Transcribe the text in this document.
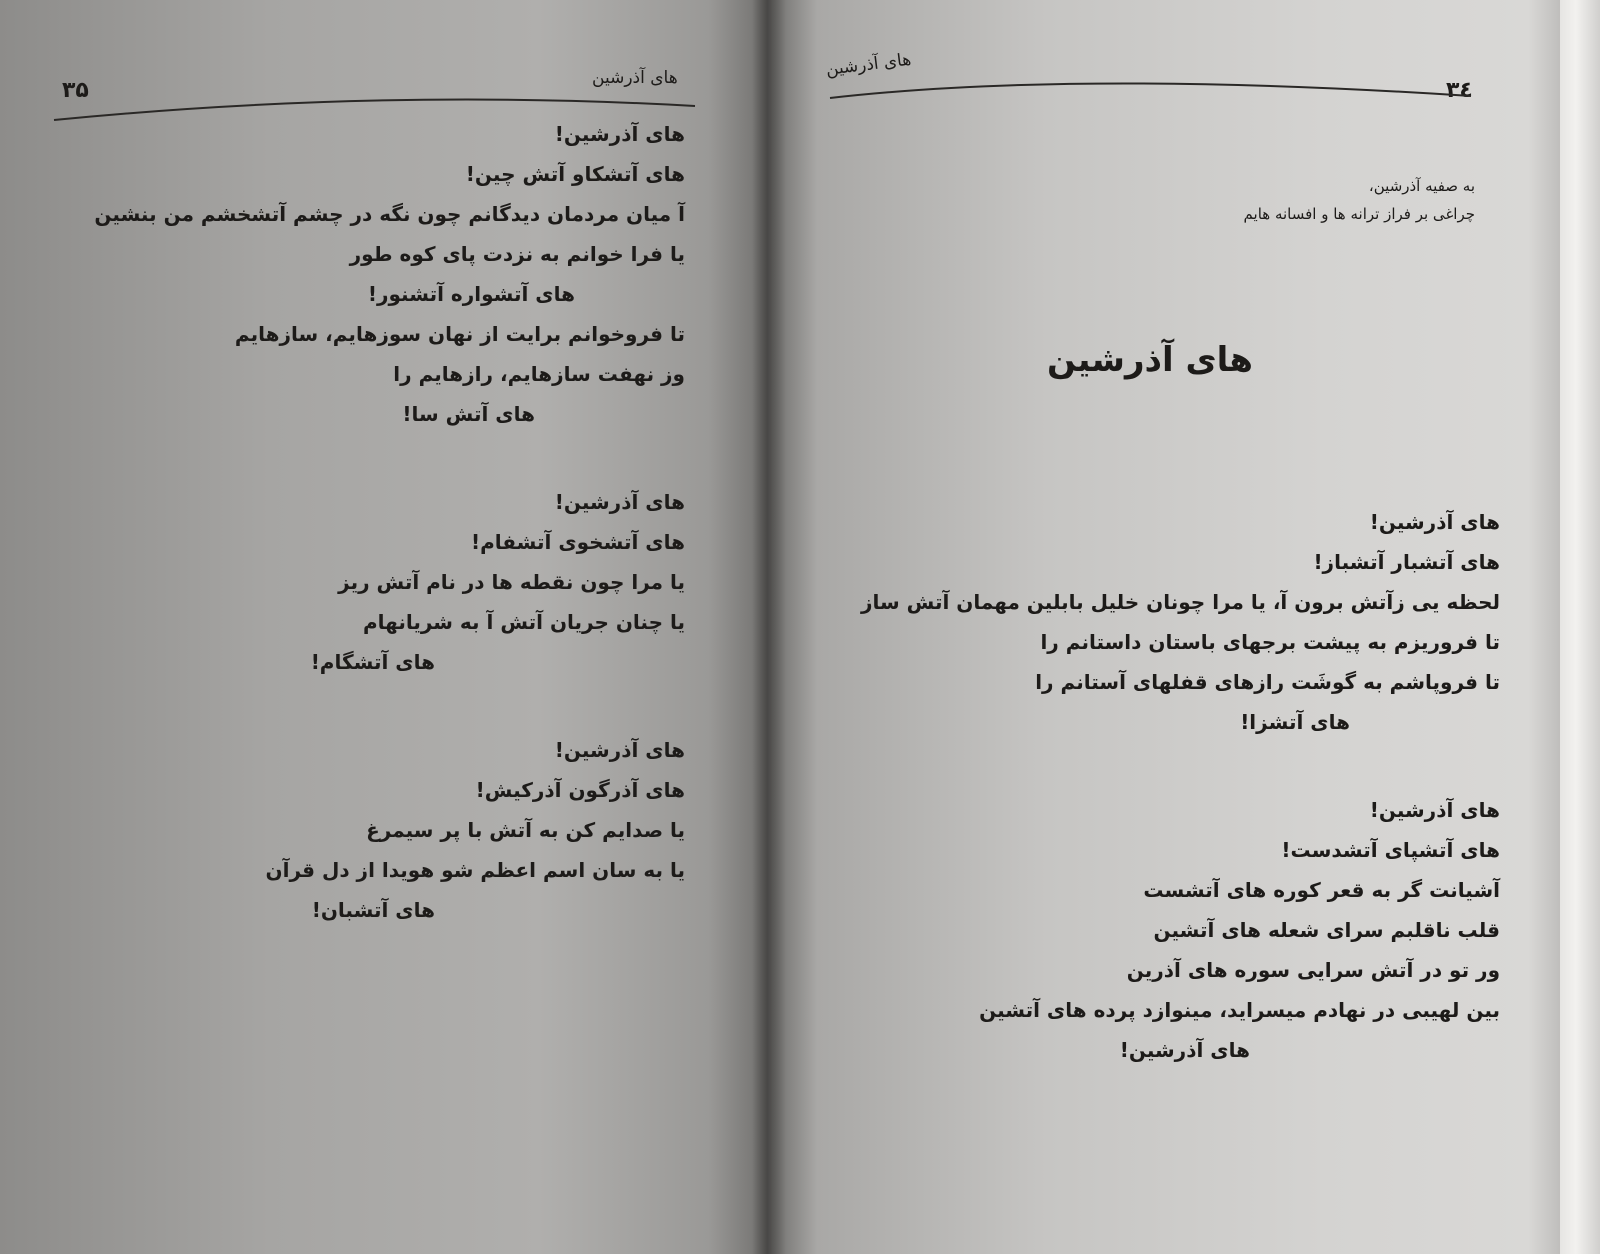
۳۵	های آذرشین
های آذرشین!
های آتشکاو آتش چین!
آ میان مردمان دیدگانم چون نگه در چشم آتشخشم من بنشین
یا فرا خوانم به نزدت پای کوه طور
های آتشواره آتشنور!
تا فروخوانم برایت از نهان سوزهایم، سازهایم
وز نهفت سازهایم، رازهایم را
های آتش سا!
های آذرشین!
های آتشخوی آتشفام!
یا مرا چون نقطه ها در نام آتش ریز
یا چنان جریان آتش آ به شریانهام
های آتشگام!
های آذرشین!
های آذرگون آذرکیش!
یا صدایم کن به آتش با پر سیمرغ
یا به سان اسم اعظم شو هویدا از دل قرآن
های آتشبان!
۳٤
های آذرشین
به صفیه آذرشین،
چراغی بر فراز ترانه ها و افسانه هایم
های آذرشین
های آذرشین!
های آتشبار آتشباز!
لحظه یی زآتش برون آ، یا مرا چونان خلیل بابلین مهمان آتش ساز
تا فروریزم به پیشت برجهای باستان داستانم را
تا فروپاشم به گوشَت رازهای قفلهای آستانم را
های آتشزا!
های آذرشین!
های آتشپای آتشدست!
آشیانت گر به قعر کوره های آتشست
قلب ناقلبم سرای شعله های آتشین
ور تو در آتش سرایی سوره های آذرین
بین لهیبی در نهادم میسراید، مینوازد پرده های آتشین
های آذرشین!
